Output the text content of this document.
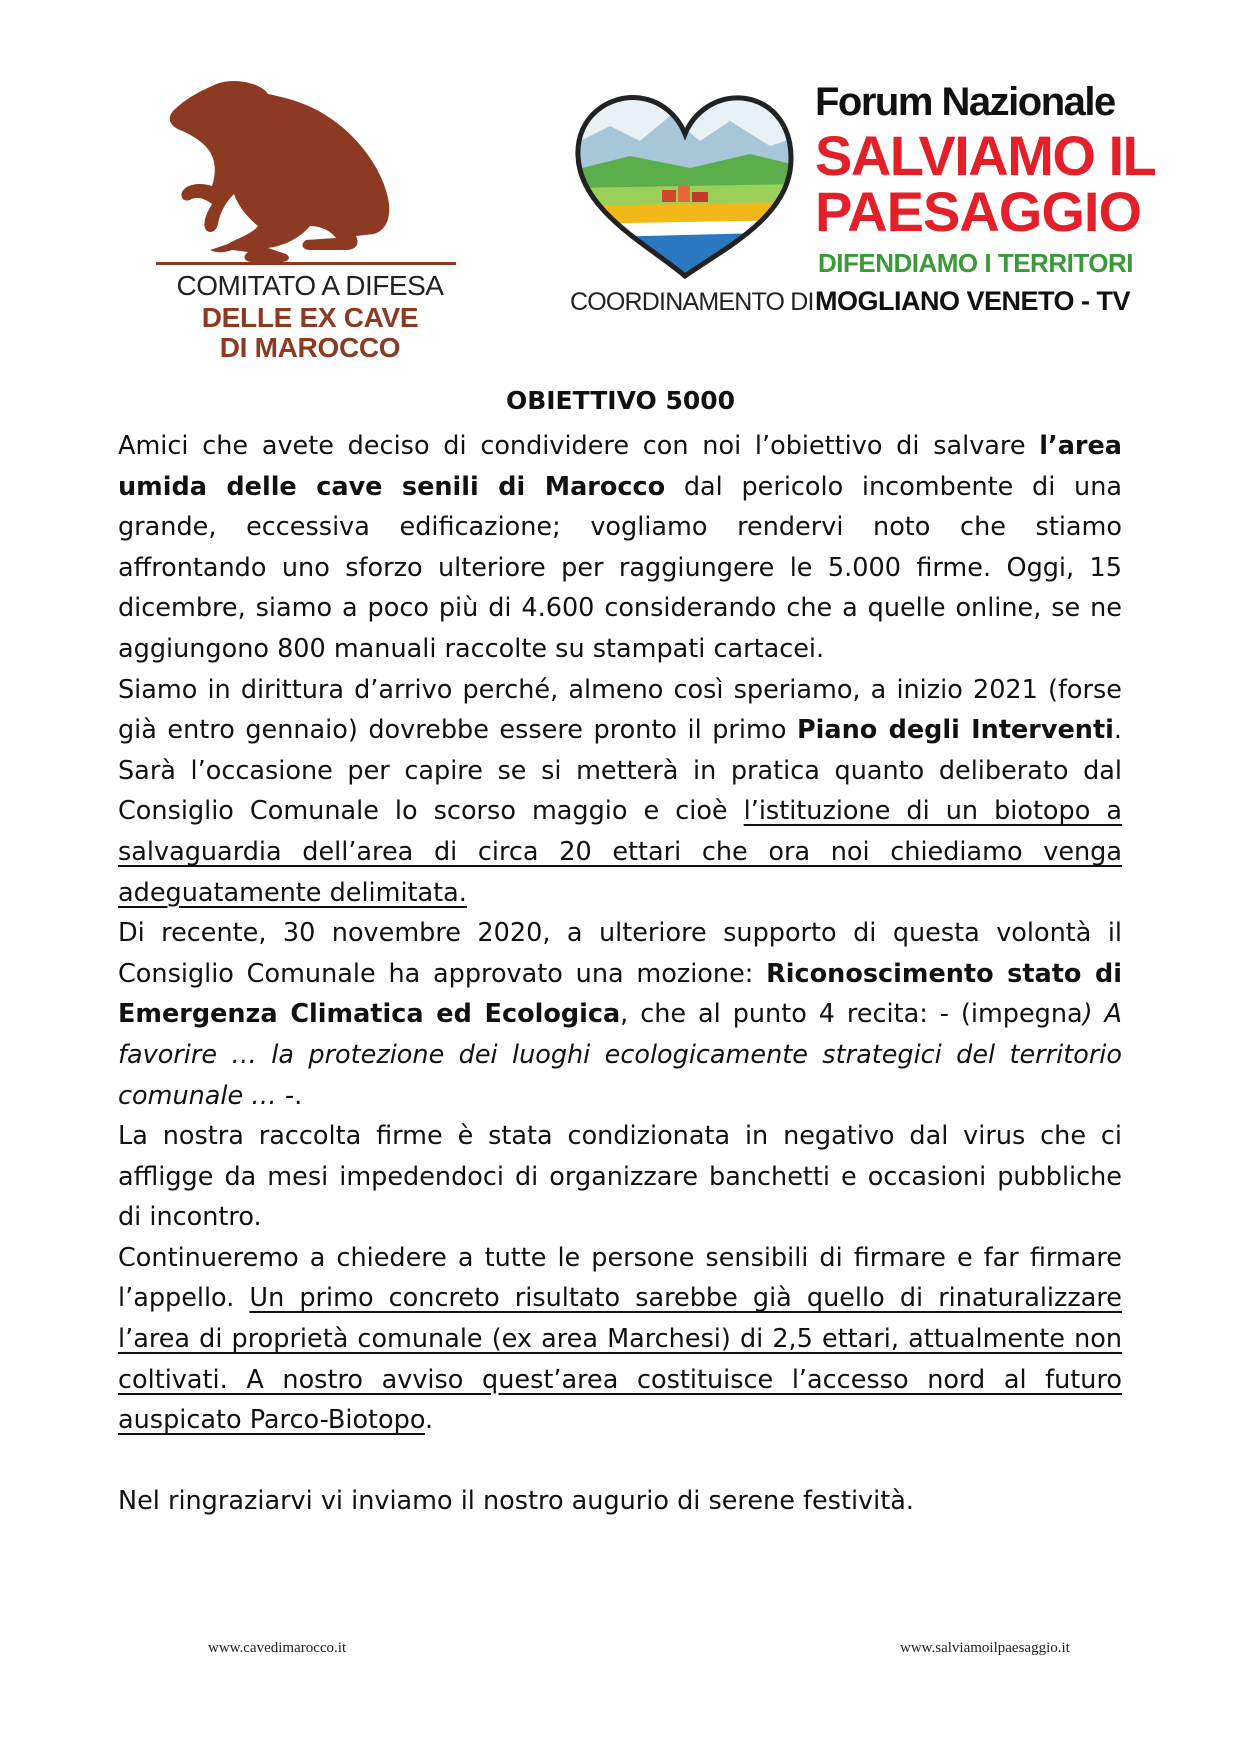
COMITATO A DIFESA
DELLE EX CAVE
DI MAROCCO
Forum Nazionale
SALVIAMO IL
PAESAGGIO
DIFENDIAMO I TERRITORI
COORDINAMENTO DI MOGLIANO VENETO - TV
OBIETTIVO 5000

Amici che avete deciso di condividere con noi l’obiettivo di salvare l’area umida delle cave senili di Marocco dal pericolo incombente di una grande, eccessiva edificazione; vogliamo rendervi noto che stiamo affrontando uno sforzo ulteriore per raggiungere le 5.000 firme. Oggi, 15 dicembre, siamo a poco più di 4.600 considerando che a quelle online, se ne aggiungono 800 manuali raccolte su stampati cartacei.

Siamo in dirittura d’arrivo perché, almeno così speriamo, a inizio 2021 (forse già entro gennaio) dovrebbe essere pronto il primo Piano degli Interventi. Sarà l’occasione per capire se si metterà in pratica quanto deliberato dal Consiglio Comunale lo scorso maggio e cioè l’istituzione di un biotopo a salvaguardia dell’area di circa 20 ettari che ora noi chiediamo venga adeguatamente delimitata.

Di recente, 30 novembre 2020, a ulteriore supporto di questa volontà il Consiglio Comunale ha approvato una mozione: Riconoscimento stato di Emergenza Climatica ed Ecologica, che al punto 4 recita: - (impegna) A favorire … la protezione dei luoghi ecologicamente strategici del territorio comunale … -.

La nostra raccolta firme è stata condizionata in negativo dal virus che ci affligge da mesi impedendoci di organizzare banchetti e occasioni pubbliche di incontro.

Continueremo a chiedere a tutte le persone sensibili di firmare e far firmare l’appello. Un primo concreto risultato sarebbe già quello di rinaturalizzare l’area di proprietà comunale (ex area Marchesi) di 2,5 ettari, attualmente non coltivati. A nostro avviso quest’area costituisce l’accesso nord al futuro auspicato Parco-Biotopo.

Nel ringraziarvi vi inviamo il nostro augurio di serene festività.

www.cavedimarocco.it	www.salviamoilpaesaggio.it
